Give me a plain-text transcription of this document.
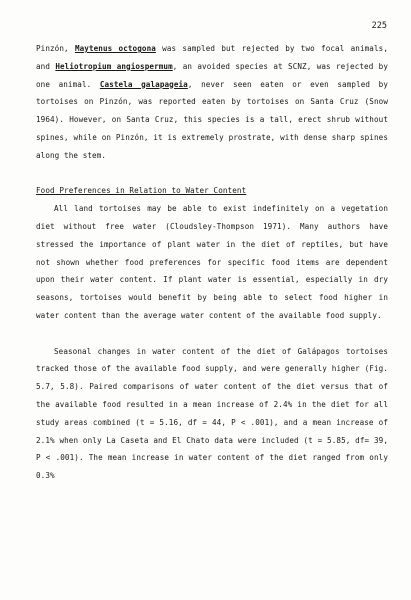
225

Pinzón, Maytenus octogona was sampled but rejected by two focal animals, and Heliotropium angiospermum, an avoided species at SCNZ, was rejected by one animal. Castela galapageia, never seen eaten or even sampled by tortoises on Pinzón, was reported eaten by tortoises on Santa Cruz (Snow 1964). However, on Santa Cruz, this species is a tall, erect shrub without spines, while on Pinzón, it is extremely prostrate, with dense sharp spines along the stem.

Food Preferences in Relation to Water Content

All land tortoises may be able to exist indefinitely on a vegetation diet without free water (Cloudsley-Thompson 1971). Many authors have stressed the importance of plant water in the diet of reptiles, but have not shown whether food preferences for specific food items are dependent upon their water content. If plant water is essential, especially in dry seasons, tortoises would benefit by being able to select food higher in water content than the average water content of the available food supply.

Seasonal changes in water content of the diet of Galápagos tortoises tracked those of the available food supply, and were generally higher (Fig. 5.7, 5.8). Paired comparisons of water content of the diet versus that of the available food resulted in a mean increase of 2.4% in the diet for all study areas combined (t = 5.16, df = 44, P < .001), and a mean increase of 2.1% when only La Caseta and El Chato data were included (t = 5.85, df= 39, P < .001). The mean increase in water content of the diet ranged from only 0.3%
